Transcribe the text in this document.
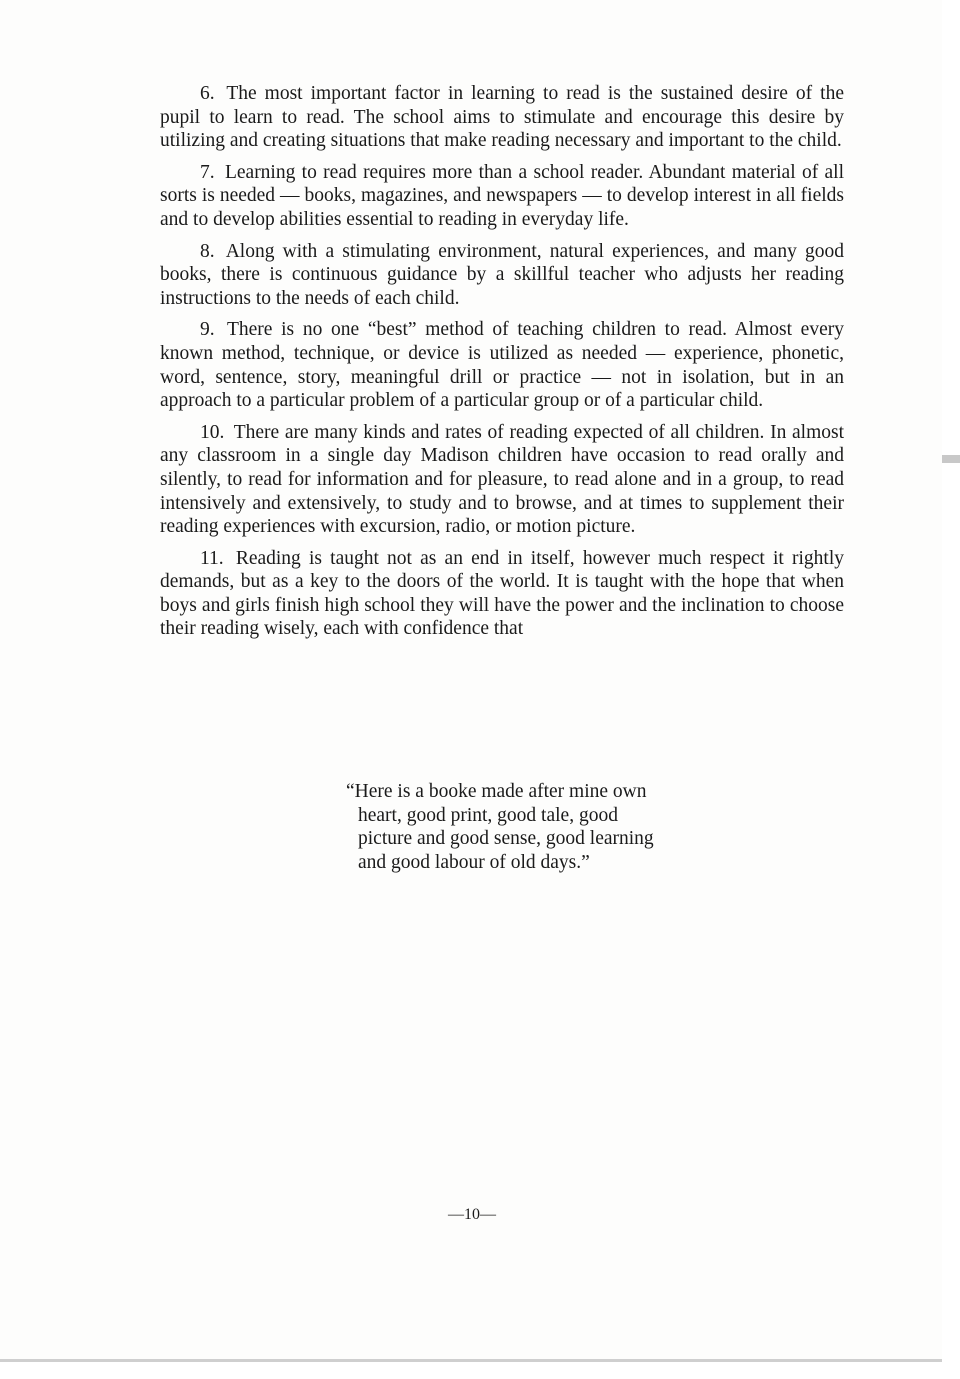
6. The most important factor in learning to read is the sustained desire of the pupil to learn to read. The school aims to stimulate and encourage this desire by utilizing and creating situations that make reading necessary and important to the child.

7. Learning to read requires more than a school reader. Abundant material of all sorts is needed — books, magazines, and newspapers — to develop interest in all fields and to develop abilities essential to reading in everyday life.

8. Along with a stimulating environment, natural experiences, and many good books, there is continuous guidance by a skillful teacher who adjusts her reading instructions to the needs of each child.

9. There is no one “best” method of teaching children to read. Almost every known method, technique, or device is utilized as needed — experience, phonetic, word, sentence, story, meaningful drill or practice — not in isolation, but in an approach to a particular problem of a particular group or of a particular child.

10. There are many kinds and rates of reading expected of all children. In almost any classroom in a single day Madison children have occasion to read orally and silently, to read for information and for pleasure, to read alone and in a group, to read intensively and extensively, to study and to browse, and at times to supplement their reading experiences with excursion, radio, or motion picture.

11. Reading is taught not as an end in itself, however much respect it rightly demands, but as a key to the doors of the world. It is taught with the hope that when boys and girls finish high school they will have the power and the inclination to choose their reading wisely, each with confidence that

“Here is a booke made after mine own
heart, good print, good tale, good
picture and good sense, good learning
and good labour of old days.”
—10—
